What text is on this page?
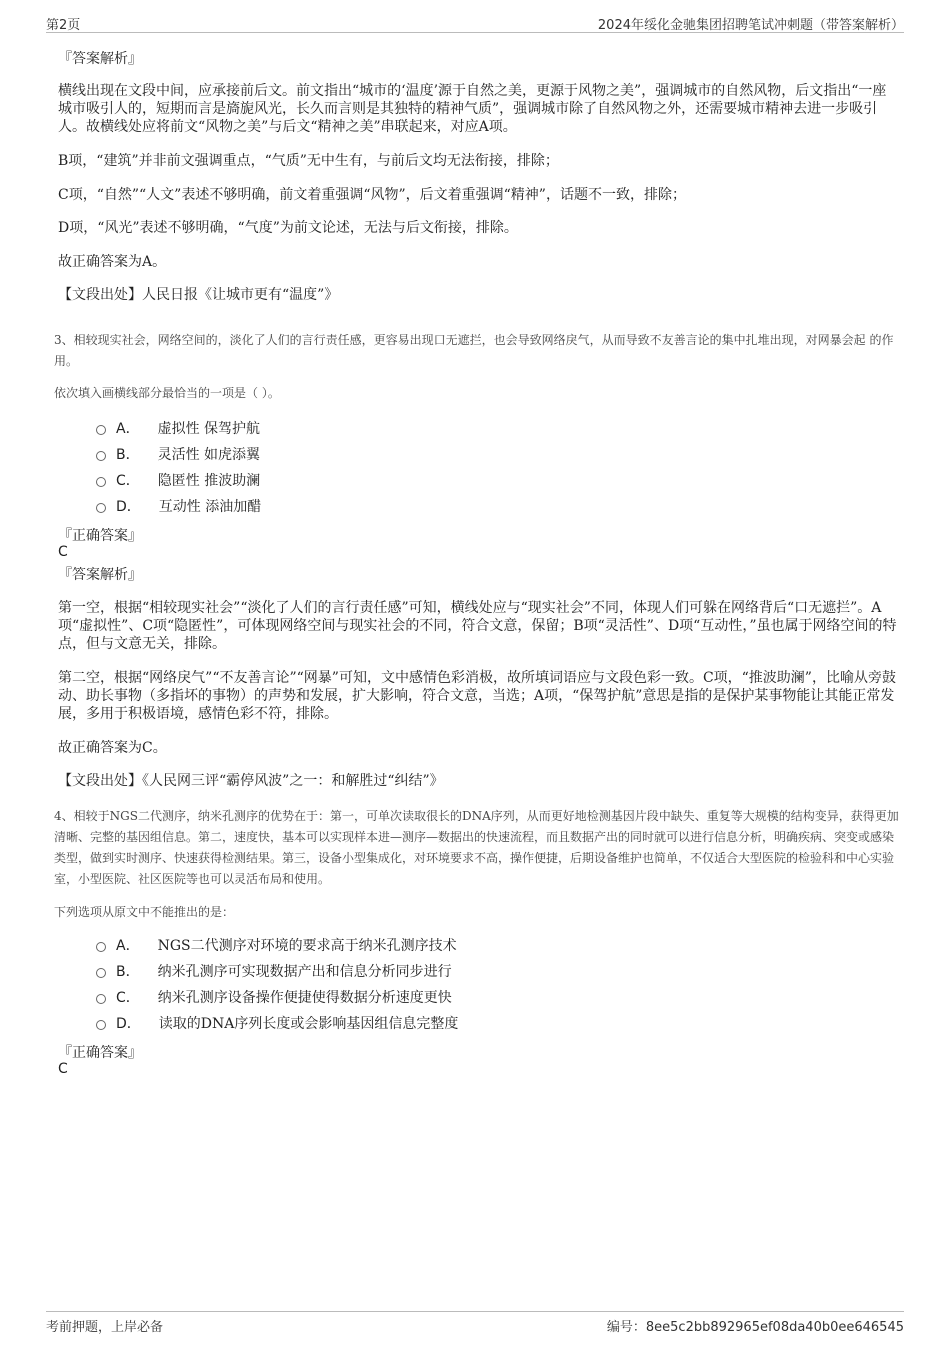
第2页	2024年绥化金驰集团招聘笔试冲刺题（带答案解析）
『答案解析』
横线出现在文段中间，应承接前后文。前文指出“城市的‘温度’源于自然之美，更源于风物之美”，强调城市的自然风物，后文指出“一座城市吸引人的，短期而言是旖旎风光，长久而言则是其独特的精神气质”，强调城市除了自然风物之外，还需要城市精神去进一步吸引人。故横线处应将前文“风物之美”与后文“精神之美”串联起来，对应A项。
B项，“建筑”并非前文强调重点，“气质”无中生有，与前后文均无法衔接，排除；
C项，“自然”“人文”表述不够明确，前文着重强调“风物”，后文着重强调“精神”，话题不一致，排除；
D项，“风光”表述不够明确，“气度”为前文论述，无法与后文衔接，排除。
故正确答案为A。
【文段出处】人民日报《让城市更有“温度”》
3、相较现实社会，网络空间的，淡化了人们的言行责任感，更容易出现口无遮拦，也会导致网络戾气，从而导致不友善言论的集中扎堆出现，对网暴会起 的作用。
依次填入画横线部分最恰当的一项是（ ）。
A． 虚拟性 保驾护航
B． 灵活性 如虎添翼
C． 隐匿性 推波助澜
D． 互动性 添油加醋
『正确答案』
C
『答案解析』
第一空，根据“相较现实社会”“淡化了人们的言行责任感”可知，横线处应与“现实社会”不同，体现人们可躲在网络背后“口无遮拦”。A项“虚拟性”、C项“隐匿性”，可体现网络空间与现实社会的不同，符合文意，保留；B项“灵活性”、D项“互动性，”虽也属于网络空间的特点，但与文意无关，排除。
第二空，根据“网络戾气”“不友善言论”“网暴”可知，文中感情色彩消极，故所填词语应与文段色彩一致。C项，“推波助澜”，比喻从旁鼓动、助长事物（多指坏的事物）的声势和发展，扩大影响，符合文意，当选；A项，“保驾护航”意思是指的是保护某事物能让其能正常发展，多用于积极语境，感情色彩不符，排除。
故正确答案为C。
【文段出处】《人民网三评“霸停风波”之一：和解胜过“纠结”》
4、相较于NGS二代测序，纳米孔测序的优势在于：第一，可单次读取很长的DNA序列，从而更好地检测基因片段中缺失、重复等大规模的结构变异，获得更加清晰、完整的基因组信息。第二，速度快，基本可以实现样本进—测序—数据出的快速流程，而且数据产出的同时就可以进行信息分析，明确疾病、突变或感染类型，做到实时测序、快速获得检测结果。第三，设备小型集成化，对环境要求不高，操作便捷，后期设备维护也简单，不仅适合大型医院的检验科和中心实验室，小型医院、社区医院等也可以灵活布局和使用。
下列选项从原文中不能推出的是：
A． NGS二代测序对环境的要求高于纳米孔测序技术
B． 纳米孔测序可实现数据产出和信息分析同步进行
C． 纳米孔测序设备操作便捷使得数据分析速度更快
D． 读取的DNA序列长度或会影响基因组信息完整度
『正确答案』
C
考前押题，上岸必备	编号：8ee5c2bb892965ef08da40b0ee646545
